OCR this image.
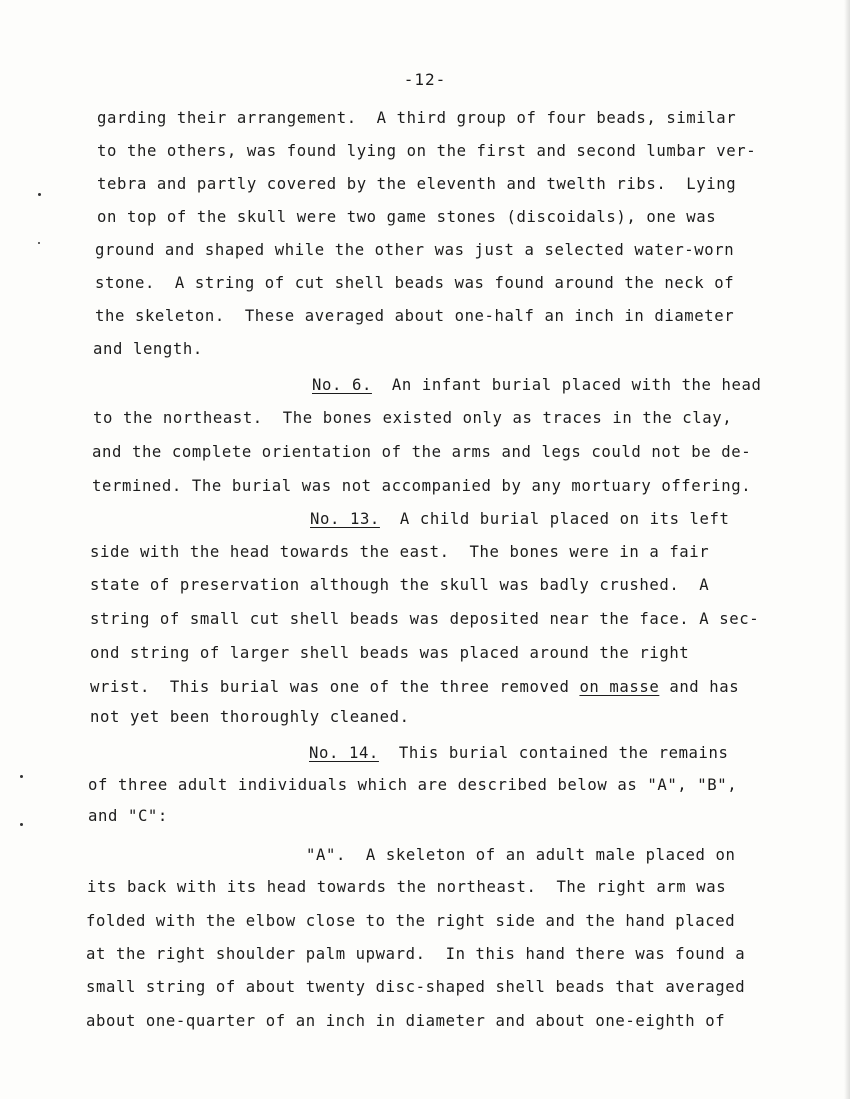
-12-
garding their arrangement.  A third group of four beads, similar
to the others, was found lying on the first and second lumbar ver-
tebra and partly covered by the eleventh and twelth ribs.  Lying
on top of the skull were two game stones (discoidals), one was
ground and shaped while the other was just a selected water-worn
stone.  A string of cut shell beads was found around the neck of
the skeleton.  These averaged about one-half an inch in diameter
and length.
No. 6.  An infant burial placed with the head
to the northeast.  The bones existed only as traces in the clay,
and the complete orientation of the arms and legs could not be de-
termined. The burial was not accompanied by any mortuary offering.
No. 13.  A child burial placed on its left
side with the head towards the east.  The bones were in a fair
state of preservation although the skull was badly crushed.  A
string of small cut shell beads was deposited near the face. A sec-
ond string of larger shell beads was placed around the right
wrist.  This burial was one of the three removed on masse and has
not yet been thoroughly cleaned.
No. 14.  This burial contained the remains
of three adult individuals which are described below as "A", "B",
and "C":
"A".  A skeleton of an adult male placed on
its back with its head towards the northeast.  The right arm was
folded with the elbow close to the right side and the hand placed
at the right shoulder palm upward.  In this hand there was found a
small string of about twenty disc-shaped shell beads that averaged
about one-quarter of an inch in diameter and about one-eighth of
